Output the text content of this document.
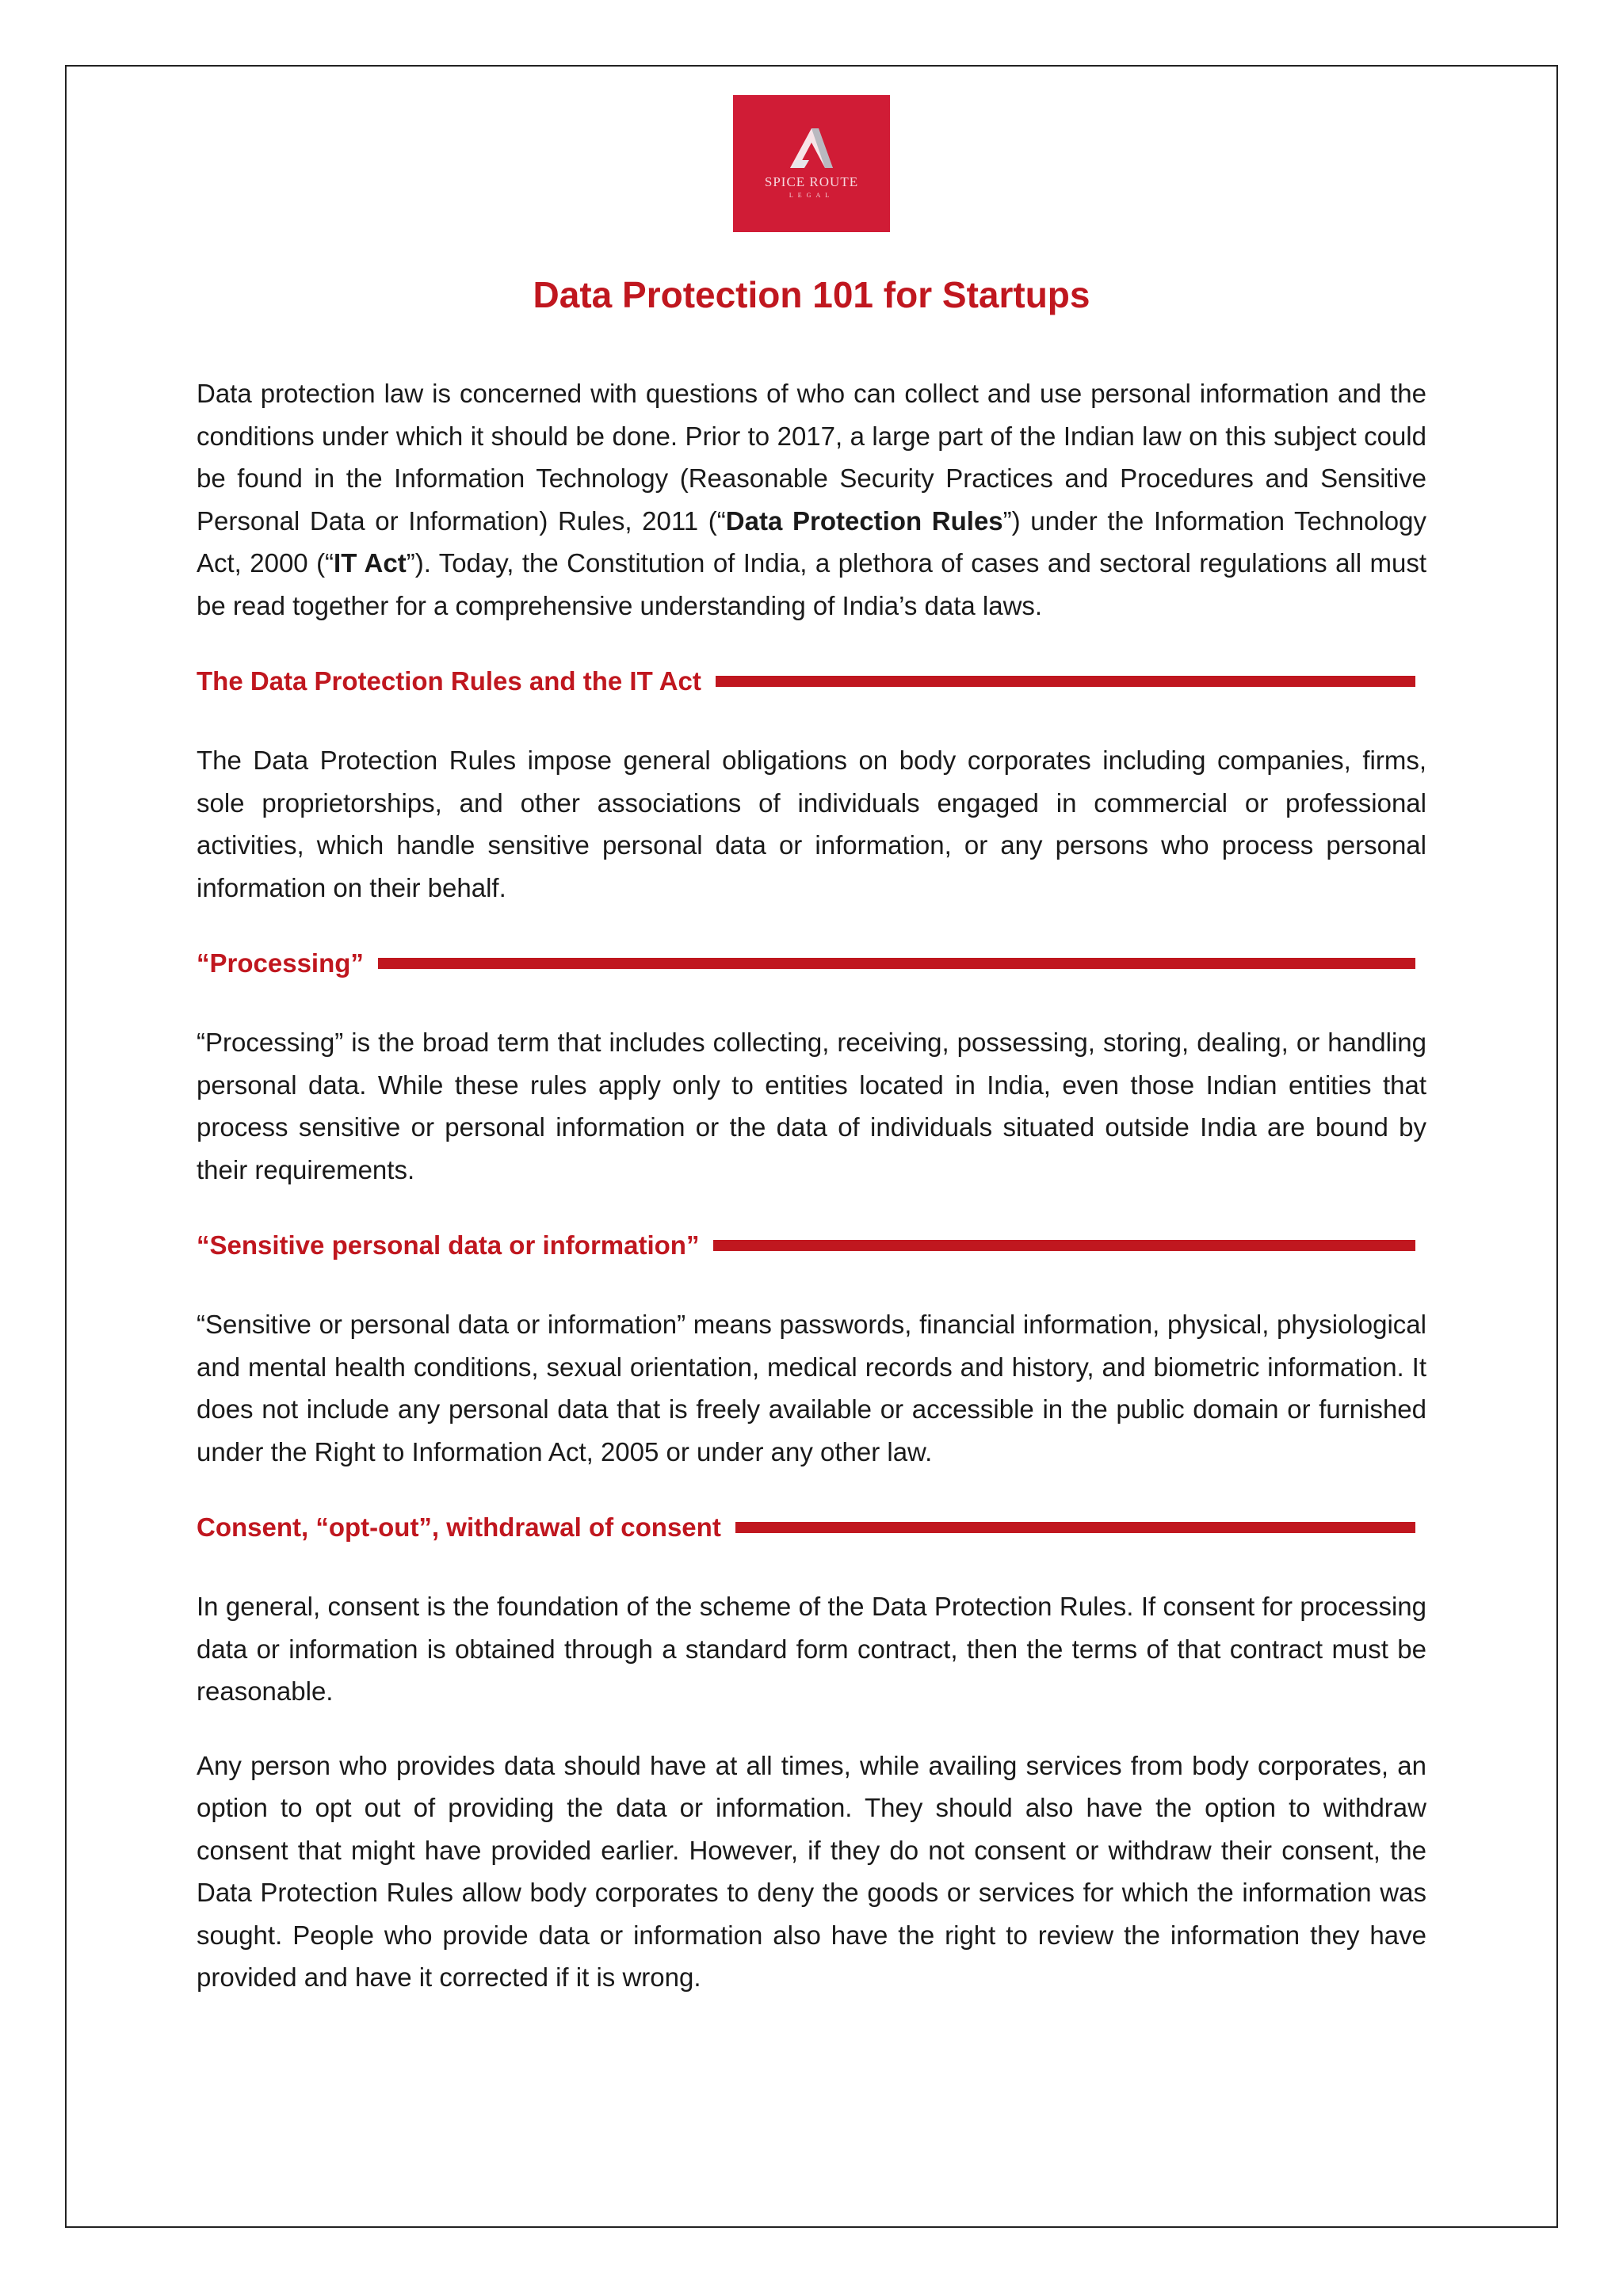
SPICE ROUTE
LEGAL
Data Protection 101 for Startups

Data protection law is concerned with questions of who can collect and use personal information and the conditions under which it should be done. Prior to 2017, a large part of the Indian law on this subject could be found in the Information Technology (Reasonable Security Practices and Procedures and Sensitive Personal Data or Information) Rules, 2011 (“Data Protection Rules”) under the Information Technology Act, 2000 (“IT Act”). Today, the Constitution of India, a plethora of cases and sectoral regulations all must be read together for a comprehensive understanding of India’s data laws.

The Data Protection Rules and the IT Act

The Data Protection Rules impose general obligations on body corporates including companies, firms, sole proprietorships, and other associations of individuals engaged in commercial or professional activities, which handle sensitive personal data or information, or any persons who process personal information on their behalf.

“Processing”

“Processing” is the broad term that includes collecting, receiving, possessing, storing, dealing, or handling personal data. While these rules apply only to entities located in India, even those Indian entities that process sensitive or personal information or the data of individuals situated outside India are bound by their requirements.

“Sensitive personal data or information”

“Sensitive or personal data or information” means passwords, financial information, physical, physiological and mental health conditions, sexual orientation, medical records and history, and biometric information. It does not include any personal data that is freely available or accessible in the public domain or furnished under the Right to Information Act, 2005 or under any other law.

Consent, “opt-out”, withdrawal of consent

In general, consent is the foundation of the scheme of the Data Protection Rules. If consent for processing data or information is obtained through a standard form contract, then the terms of that contract must be reasonable.

Any person who provides data should have at all times, while availing services from body corporates, an option to opt out of providing the data or information. They should also have the option to withdraw consent that might have provided earlier. However, if they do not consent or withdraw their consent, the Data Protection Rules allow body corporates to deny the goods or services for which the information was sought. People who provide data or information also have the right to review the information they have provided and have it corrected if it is wrong.
